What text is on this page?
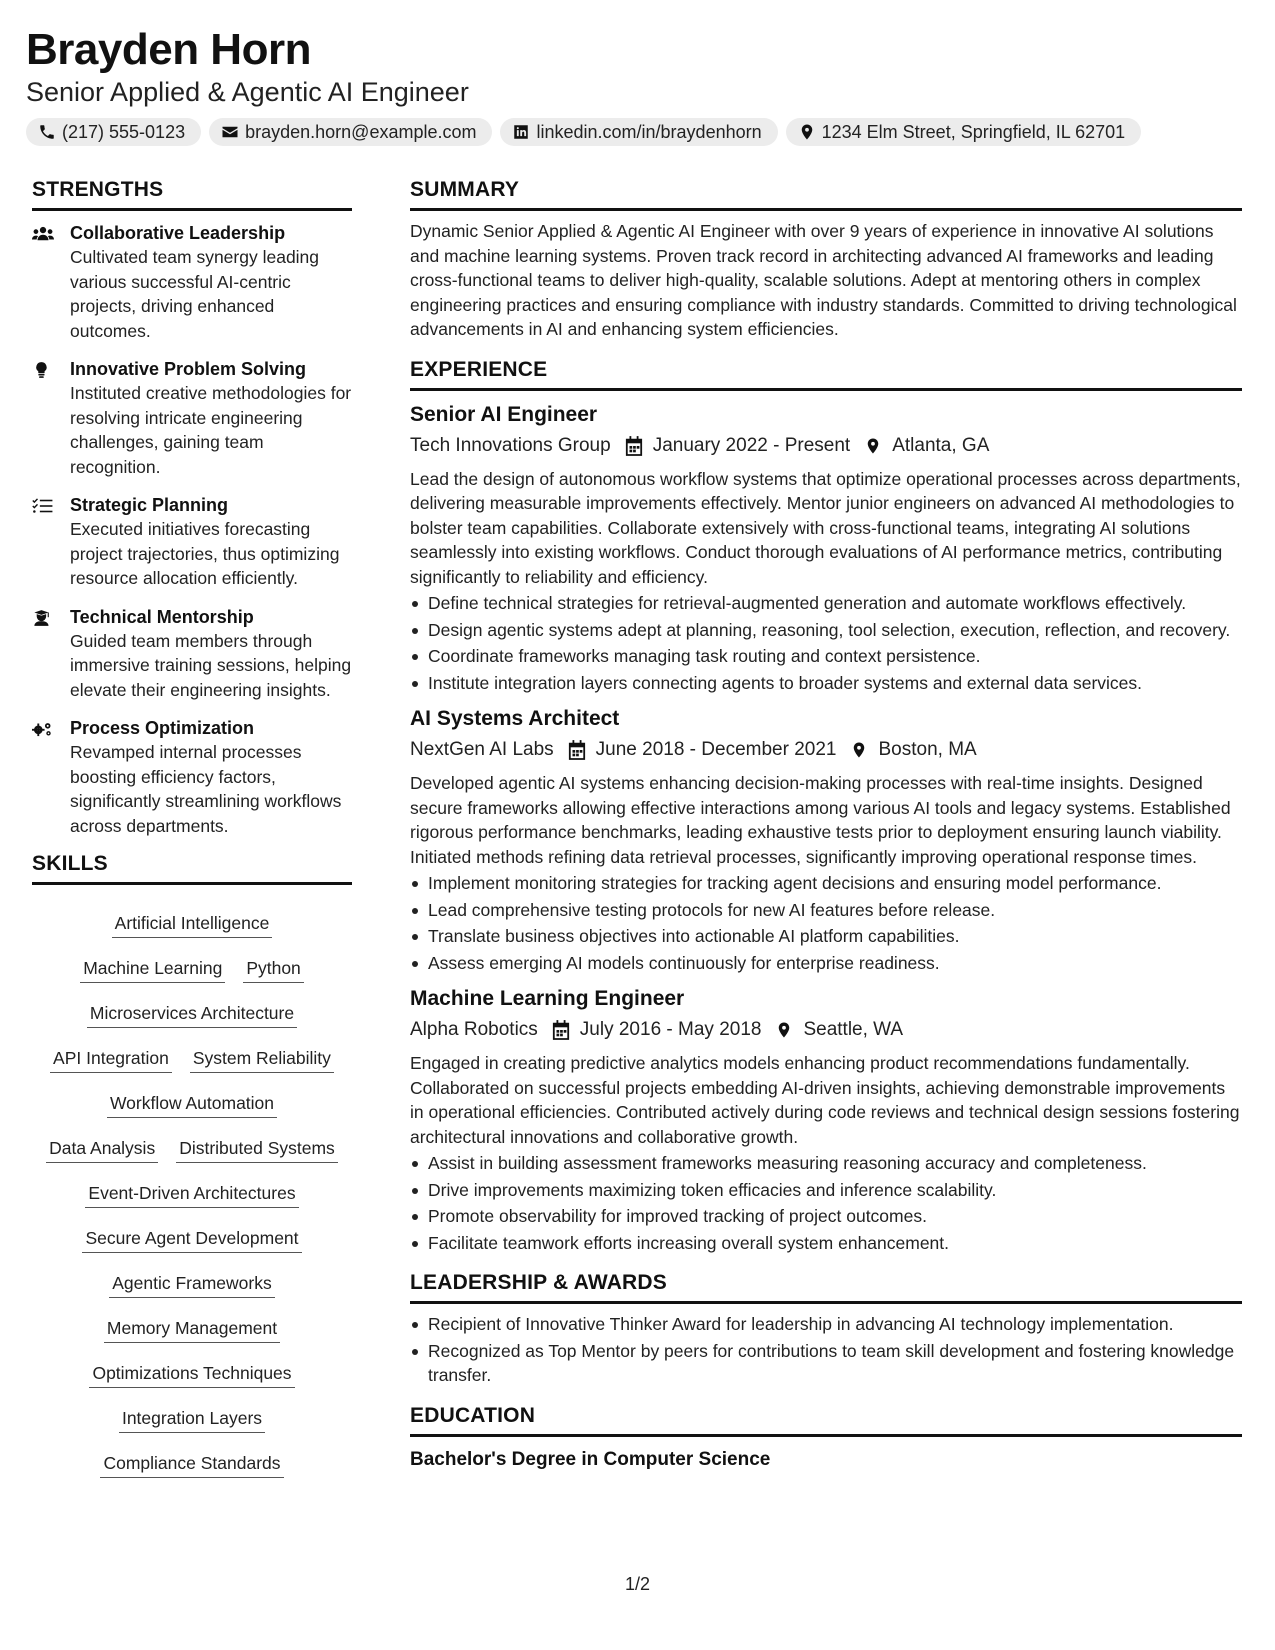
Brayden Horn
Senior Applied & Agentic AI Engineer
(217) 555-0123	brayden.horn@example.com	linkedin.com/in/braydenhorn	1234 Elm Street, Springfield, IL 62701
STRENGTHS
Collaborative Leadership
Cultivated team synergy leading various successful AI-centric projects, driving enhanced outcomes.
Innovative Problem Solving
Instituted creative methodologies for resolving intricate engineering challenges, gaining team recognition.
Strategic Planning
Executed initiatives forecasting project trajectories, thus optimizing resource allocation efficiently.
Technical Mentorship
Guided team members through immersive training sessions, helping elevate their engineering insights.
Process Optimization
Revamped internal processes boosting efficiency factors, significantly streamlining workflows across departments.
SKILLS
Artificial Intelligence
Machine Learning Python
Microservices Architecture
API Integration System Reliability
Workflow Automation
Data Analysis Distributed Systems
Event-Driven Architectures
Secure Agent Development
Agentic Frameworks
Memory Management
Optimizations Techniques
Integration Layers
Compliance Standards
SUMMARY
Dynamic Senior Applied & Agentic AI Engineer with over 9 years of experience in innovative AI solutions and machine learning systems. Proven track record in architecting advanced AI frameworks and leading cross-functional teams to deliver high-quality, scalable solutions. Adept at mentoring others in complex engineering practices and ensuring compliance with industry standards. Committed to driving technological advancements in AI and enhancing system efficiencies.
EXPERIENCE
Senior AI Engineer
Tech Innovations Group January 2022 - Present Atlanta, GA
Lead the design of autonomous workflow systems that optimize operational processes across departments, delivering measurable improvements effectively. Mentor junior engineers on advanced AI methodologies to bolster team capabilities. Collaborate extensively with cross-functional teams, integrating AI solutions seamlessly into existing workflows. Conduct thorough evaluations of AI performance metrics, contributing significantly to reliability and efficiency.
Define technical strategies for retrieval-augmented generation and automate workflows effectively.
Design agentic systems adept at planning, reasoning, tool selection, execution, reflection, and recovery.
Coordinate frameworks managing task routing and context persistence.
Institute integration layers connecting agents to broader systems and external data services.
AI Systems Architect
NextGen AI Labs June 2018 - December 2021 Boston, MA
Developed agentic AI systems enhancing decision-making processes with real-time insights. Designed secure frameworks allowing effective interactions among various AI tools and legacy systems. Established rigorous performance benchmarks, leading exhaustive tests prior to deployment ensuring launch viability. Initiated methods refining data retrieval processes, significantly improving operational response times.
Implement monitoring strategies for tracking agent decisions and ensuring model performance.
Lead comprehensive testing protocols for new AI features before release.
Translate business objectives into actionable AI platform capabilities.
Assess emerging AI models continuously for enterprise readiness.
Machine Learning Engineer
Alpha Robotics July 2016 - May 2018 Seattle, WA
Engaged in creating predictive analytics models enhancing product recommendations fundamentally. Collaborated on successful projects embedding AI-driven insights, achieving demonstrable improvements in operational efficiencies. Contributed actively during code reviews and technical design sessions fostering architectural innovations and collaborative growth.
Assist in building assessment frameworks measuring reasoning accuracy and completeness.
Drive improvements maximizing token efficacies and inference scalability.
Promote observability for improved tracking of project outcomes.
Facilitate teamwork efforts increasing overall system enhancement.
LEADERSHIP & AWARDS
Recipient of Innovative Thinker Award for leadership in advancing AI technology implementation.
Recognized as Top Mentor by peers for contributions to team skill development and fostering knowledge transfer.
EDUCATION
Bachelor's Degree in Computer Science
1/2
